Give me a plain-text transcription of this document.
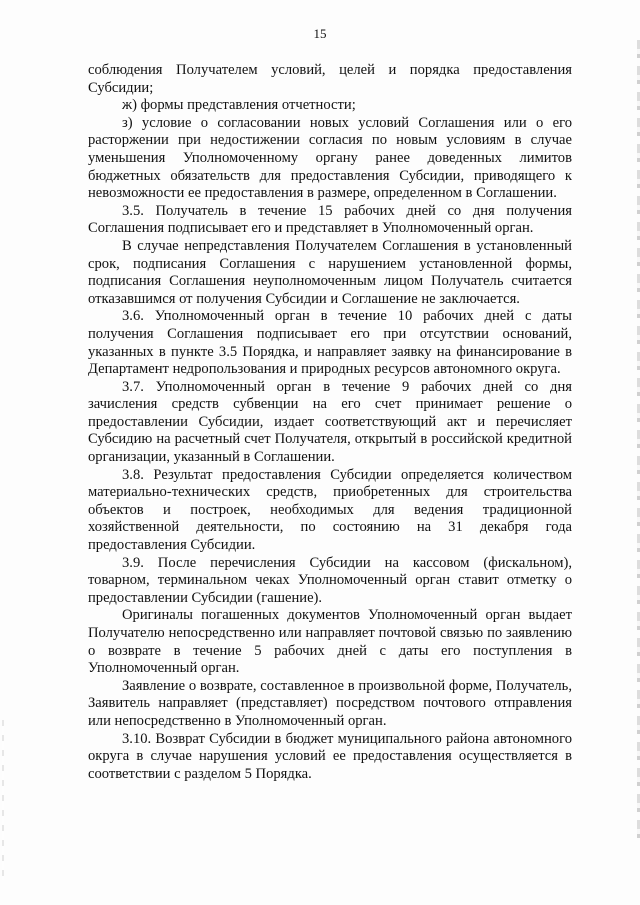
15

соблюдения Получателем условий, целей и порядка предоставления Субсидии;

ж) формы представления отчетности;

з) условие о согласовании новых условий Соглашения или о его расторжении при недостижении согласия по новым условиям в случае уменьшения Уполномоченному органу ранее доведенных лимитов бюджетных обязательств для предоставления Субсидии, приводящего к невозможности ее предоставления в размере, определенном в Соглашении.

3.5. Получатель в течение 15 рабочих дней со дня получения Соглашения подписывает его и представляет в Уполномоченный орган.

В случае непредставления Получателем Соглашения в установленный срок, подписания Соглашения с нарушением установленной формы, подписания Соглашения неуполномоченным лицом Получатель считается отказавшимся от получения Субсидии и Соглашение не заключается.

3.6. Уполномоченный орган в течение 10 рабочих дней с даты получения Соглашения подписывает его при отсутствии оснований, указанных в пункте 3.5 Порядка, и направляет заявку на финансирование в Департамент недропользования и природных ресурсов автономного округа.

3.7. Уполномоченный орган в течение 9 рабочих дней со дня зачисления средств субвенции на его счет принимает решение о предоставлении Субсидии, издает соответствующий акт и перечисляет Субсидию на расчетный счет Получателя, открытый в российской кредитной организации, указанный в Соглашении.

3.8. Результат предоставления Субсидии определяется количеством материально-технических средств, приобретенных для строительства объектов и построек, необходимых для ведения традиционной хозяйственной деятельности, по состоянию на 31 декабря года предоставления Субсидии.

3.9. После перечисления Субсидии на кассовом (фискальном), товарном, терминальном чеках Уполномоченный орган ставит отметку о предоставлении Субсидии (гашение).

Оригиналы погашенных документов Уполномоченный орган выдает Получателю непосредственно или направляет почтовой связью по заявлению о возврате в течение 5 рабочих дней с даты его поступления в Уполномоченный орган.

Заявление о возврате, составленное в произвольной форме, Получатель, Заявитель направляет (представляет) посредством почтового отправления или непосредственно в Уполномоченный орган.

3.10. Возврат Субсидии в бюджет муниципального района автономного округа в случае нарушения условий ее предоставления осуществляется в соответствии с разделом 5 Порядка.
